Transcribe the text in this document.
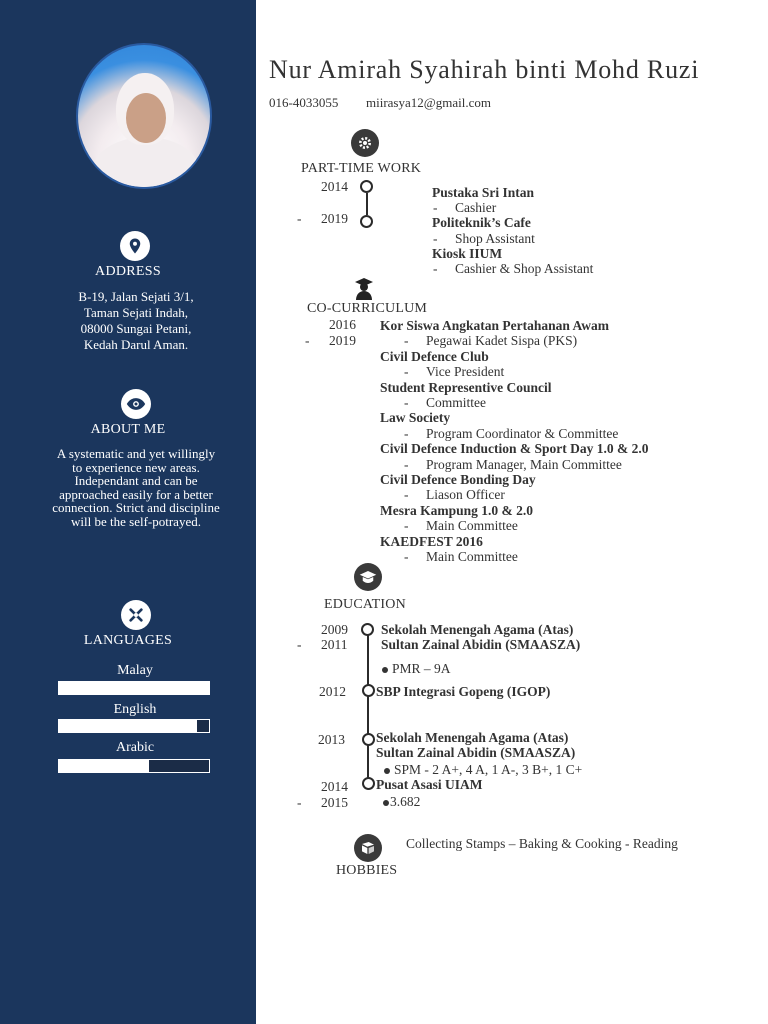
ADDRESS
B-19, Jalan Sejati 3/1,
Taman Sejati Indah,
08000 Sungai Petani,
Kedah Darul Aman.
ABOUT ME
A systematic and yet willingly
to experience new areas.
Independant and can be
approached easily for a better
connection. Strict and discipline
will be the self-potrayed.
LANGUAGES
Malay
English
Arabic
Nur Amirah Syahirah binti Mohd Ruzi
016-4033055 miirasya12@gmail.com
PART-TIME WORK
2014
- 2019
Pustaka Sri Intan
- Cashier
Politeknik’s Cafe
- Shop Assistant
Kiosk IIUM
- Cashier & Shop Assistant
CO-CURRICULUM
2016
- 2019
Kor Siswa Angkatan Pertahanan Awam
- Pegawai Kadet Sispa (PKS)
Civil Defence Club
- Vice President
Student Representive Council
- Committee
Law Society
- Program Coordinator & Committee
Civil Defence Induction & Sport Day 1.0 & 2.0
- Program Manager, Main Committee
Civil Defence Bonding Day
- Liason Officer
Mesra Kampung 1.0 & 2.0
- Main Committee
KAEDFEST 2016
- Main Committee
EDUCATION
2009
- 2011
Sekolah Menengah Agama (Atas)
Sultan Zainal Abidin (SMAASZA)
PMR – 9A
2012 SBP Integrasi Gopeng (IGOP)
2013 Sekolah Menengah Agama (Atas)
Sultan Zainal Abidin (SMAASZA)
SPM - 2 A+, 4 A, 1 A-, 3 B+, 1 C+
2014
- 2015
Pusat Asasi UIAM
3.682
Collecting Stamps – Baking & Cooking - Reading
HOBBIES
